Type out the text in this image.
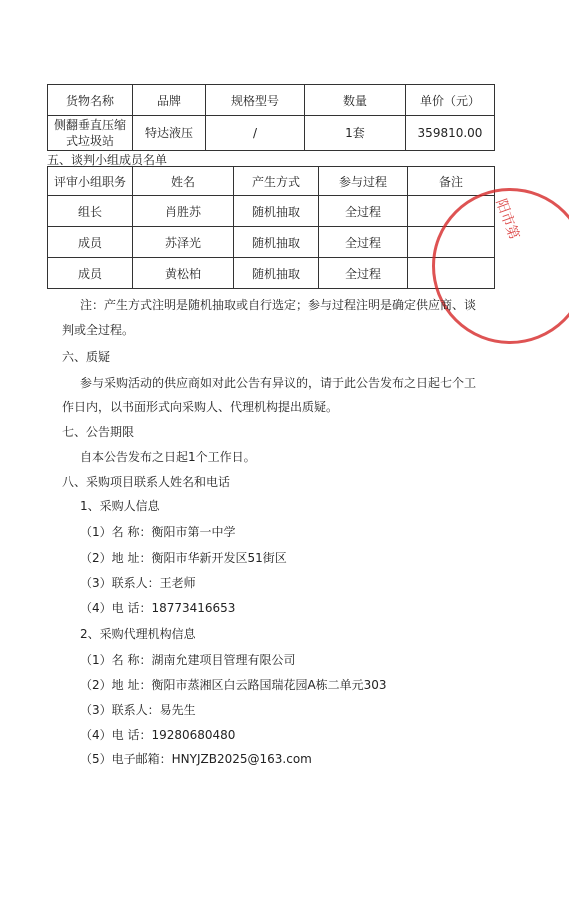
货物名称	品牌	规格型号	数量	单价（元）

侧翻垂直压缩
式垃圾站	特达液压	/	1套	359810.00
五、谈判小组成员名单
评审小组职务	姓名	产生方式	参与过程	备注
组长	肖胜苏	随机抽取	全过程	
成员	苏泽光	随机抽取	全过程	
成员	黄松柏	随机抽取	全过程	
阳市第
注：产生方式注明是随机抽取或自行选定；参与过程注明是确定供应商、谈
判或全过程。
六、质疑
参与采购活动的供应商如对此公告有异议的，请于此公告发布之日起七个工
作日内，以书面形式向采购人、代理机构提出质疑。
七、公告期限
自本公告发布之日起1个工作日。
八、采购项目联系人姓名和电话
1、采购人信息
（1）名 称：衡阳市第一中学
（2）地 址：衡阳市华新开发区51街区
（3）联系人：王老师
（4）电 话：18773416653
2、采购代理机构信息
（1）名 称：湖南允建项目管理有限公司
（2）地 址：衡阳市蒸湘区白云路国瑞花园A栋二单元303
（3）联系人：易先生
（4）电 话：19280680480
（5）电子邮箱：HNYJZB2025@163.com
